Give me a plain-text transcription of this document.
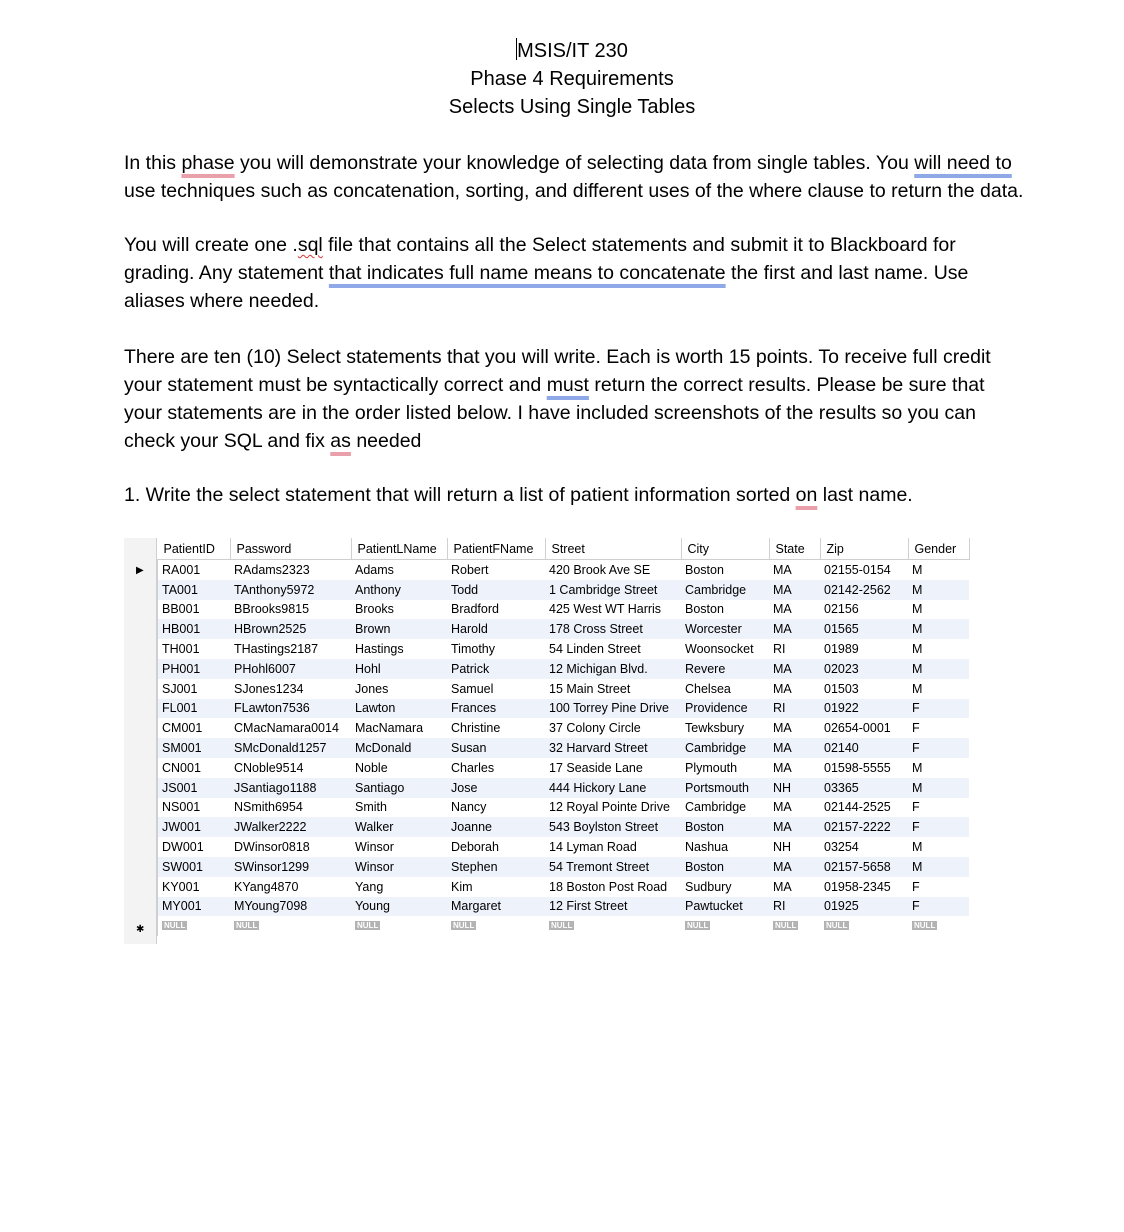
MSIS/IT 230
Phase 4 Requirements
Selects Using Single Tables
In this phase you will demonstrate your knowledge of selecting data from single tables. You will need to use techniques such as concatenation, sorting, and different uses of the where clause to return the data.
You will create one .sql file that contains all the Select statements and submit it to Blackboard for grading. Any statement that indicates full name means to concatenate the first and last name. Use aliases where needed.
There are ten (10) Select statements that you will write. Each is worth 15 points. To receive full credit your statement must be syntactically correct and must return the correct results. Please be sure that your statements are in the order listed below. I have included screenshots of the results so you can check your SQL and fix as needed
1. Write the select statement that will return a list of patient information sorted on last name.
▶
✱
PatientID	Password	PatientLName	PatientFName	Street	City	State	Zip	Gender
RA001	RAdams2323	Adams	Robert	420 Brook Ave SE	Boston	MA	02155-0154	M
TA001	TAnthony5972	Anthony	Todd	1 Cambridge Street	Cambridge	MA	02142-2562	M
BB001	BBrooks9815	Brooks	Bradford	425 West WT Harris	Boston	MA	02156	M
HB001	HBrown2525	Brown	Harold	178 Cross Street	Worcester	MA	01565	M
TH001	THastings2187	Hastings	Timothy	54 Linden Street	Woonsocket	RI	01989	M
PH001	PHohl6007	Hohl	Patrick	12 Michigan Blvd.	Revere	MA	02023	M
SJ001	SJones1234	Jones	Samuel	15 Main Street	Chelsea	MA	01503	M
FL001	FLawton7536	Lawton	Frances	100 Torrey Pine Drive	Providence	RI	01922	F
CM001	CMacNamara0014	MacNamara	Christine	37 Colony Circle	Tewksbury	MA	02654-0001	F
SM001	SMcDonald1257	McDonald	Susan	32 Harvard Street	Cambridge	MA	02140	F
CN001	CNoble9514	Noble	Charles	17 Seaside Lane	Plymouth	MA	01598-5555	M
JS001	JSantiago1188	Santiago	Jose	444 Hickory Lane	Portsmouth	NH	03365	M
NS001	NSmith6954	Smith	Nancy	12 Royal Pointe Drive	Cambridge	MA	02144-2525	F
JW001	JWalker2222	Walker	Joanne	543 Boylston Street	Boston	MA	02157-2222	F
DW001	DWinsor0818	Winsor	Deborah	14 Lyman Road	Nashua	NH	03254	M
SW001	SWinsor1299	Winsor	Stephen	54 Tremont Street	Boston	MA	02157-5658	M
KY001	KYang4870	Yang	Kim	18 Boston Post Road	Sudbury	MA	01958-2345	F
MY001	MYoung7098	Young	Margaret	12 First Street	Pawtucket	RI	01925	F
NULL	NULL	NULL	NULL	NULL	NULL	NULL	NULL	NULL
